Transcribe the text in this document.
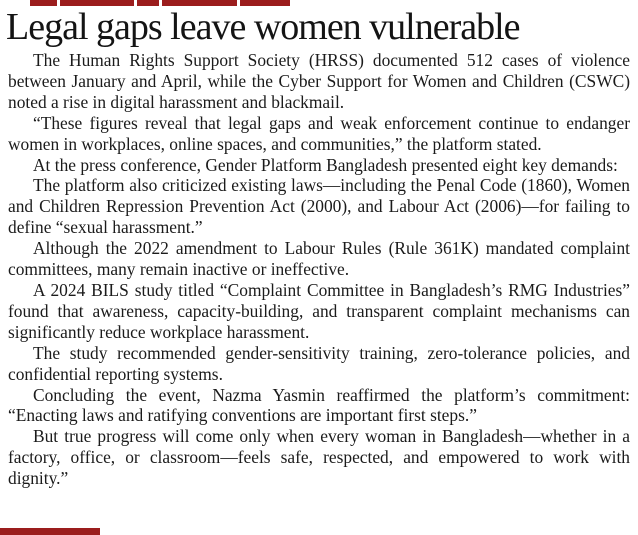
Legal gaps leave women vulnerable

The Human Rights Support Society (HRSS) documented 512 cases of violence between January and April, while the Cyber Support for Women and Children (CSWC) noted a rise in digital harassment and blackmail.

“These figures reveal that legal gaps and weak enforcement continue to endanger women in workplaces, online spaces, and communities,” the platform stated.

At the press conference, Gender Platform Bangladesh presented eight key demands:

The platform also criticized existing laws—including the Penal Code (1860), Women and Children Repression Prevention Act (2000), and Labour Act (2006)—for failing to define “sexual harassment.”

Although the 2022 amendment to Labour Rules (Rule 361K) mandated complaint committees, many remain inactive or ineffective.

A 2024 BILS study titled “Complaint Committee in Bangladesh’s RMG Industries” found that awareness, capacity-building, and transparent complaint mechanisms can significantly reduce workplace harassment.

The study recommended gender-sensitivity training, zero-tolerance policies, and confidential reporting systems.

Concluding the event, Nazma Yasmin reaffirmed the platform’s commitment: “Enacting laws and ratifying conventions are important first steps.”

But true progress will come only when every woman in Bangladesh—whether in a factory, office, or classroom—feels safe, respected, and empowered to work with dignity.”
